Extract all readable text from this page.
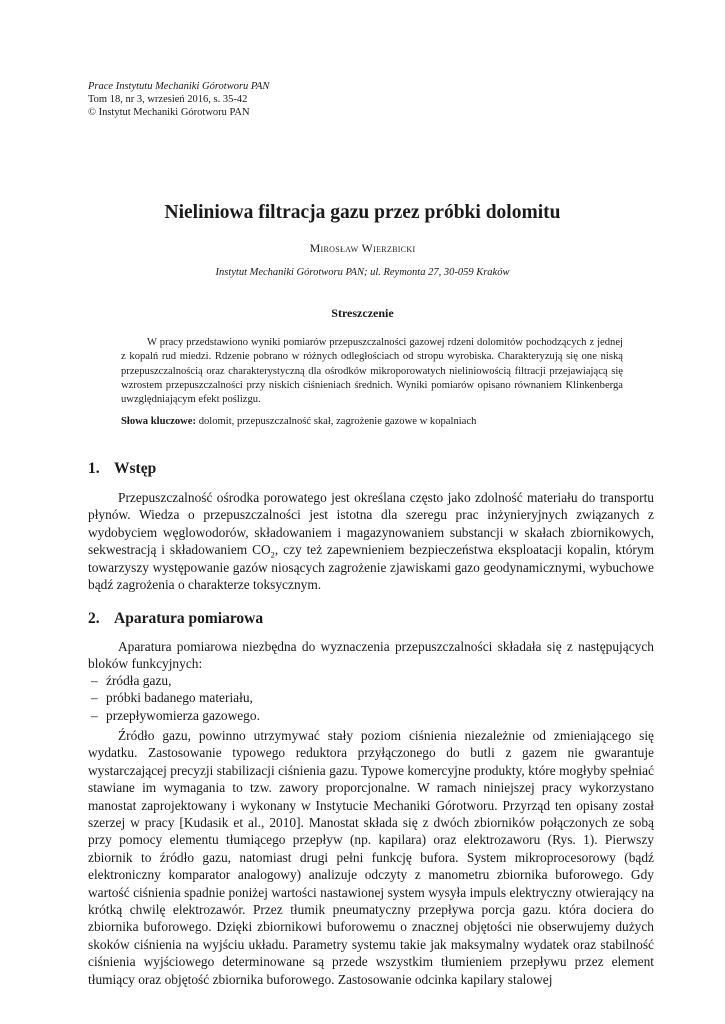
Prace Instytutu Mechaniki Górotworu PAN
Tom 18, nr 3, wrzesień 2016, s. 35-42
© Instytut Mechaniki Górotworu PAN
Nieliniowa filtracja gazu przez próbki dolomitu
Mirosław Wierzbicki
Instytut Mechaniki Górotworu PAN; ul. Reymonta 27, 30-059 Kraków
Streszczenie
W pracy przedstawiono wyniki pomiarów przepuszczalności gazowej rdzeni dolomitów pochodzących z jednej z kopalń rud miedzi. Rdzenie pobrano w różnych odległościach od stropu wyrobiska. Charakteryzują się one niską przepuszczalnością oraz charakterystyczną dla ośrodków mikroporowatych nieliniowością filtracji przejawiającą się wzrostem przepuszczalności przy niskich ciśnieniach średnich. Wyniki pomiarów opisano równaniem Klinkenberga uwzględniającym efekt poślizgu.
Słowa kluczowe: dolomit, przepuszczalność skał, zagrożenie gazowe w kopalniach
1. Wstęp
Przepuszczalność ośrodka porowatego jest określana często jako zdolność materiału do transportu płynów. Wiedza o przepuszczalności jest istotna dla szeregu prac inżynieryjnych związanych z wydobyciem węglowodorów, składowaniem i magazynowaniem substancji w skałach zbiornikowych, sekwestracją i składowaniem $CO_2$, czy też zapewnieniem bezpieczeństwa eksploatacji kopalin, którym towarzyszy występowanie gazów niosących zagrożenie zjawiskami gazo geodynamicznymi, wybuchowe bądź zagrożenia o charakterze toksycznym.
2. Aparatura pomiarowa
Aparatura pomiarowa niezbędna do wyznaczenia przepuszczalności składała się z następujących bloków funkcyjnych:
– źródła gazu,
– próbki badanego materiału,
– przepływomierza gazowego.
Źródło gazu, powinno utrzymywać stały poziom ciśnienia niezależnie od zmieniającego się wydatku. Zastosowanie typowego reduktora przyłączonego do butli z gazem nie gwarantuje wystarczającej precyzji stabilizacji ciśnienia gazu. Typowe komercyjne produkty, które mogłyby spełniać stawiane im wymagania to tzw. zawory proporcjonalne. W ramach niniejszej pracy wykorzystano manostat zaprojektowany i wykonany w Instytucie Mechaniki Górotworu. Przyrząd ten opisany został szerzej w pracy [Kudasik et al., 2010]. Manostat składa się z dwóch zbiorników połączonych ze sobą przy pomocy elementu tłumiącego przepływ (np. kapilara) oraz elektrozaworu (Rys. 1). Pierwszy zbiornik to źródło gazu, natomiast drugi pełni funkcję bufora. System mikroprocesorowy (bądź elektroniczny komparator analogowy) analizuje odczyty z manometru zbiornika buforowego. Gdy wartość ciśnienia spadnie poniżej wartości nastawionej system wysyła impuls elektryczny otwierający na krótką chwilę elektrozawór. Przez tłumik pneumatyczny przepływa porcja gazu. która dociera do zbiornika buforowego. Dzięki zbiornikowi buforowemu o znacznej objętości nie obserwujemy dużych skoków ciśnienia na wyjściu układu. Parametry systemu takie jak maksymalny wydatek oraz stabilność ciśnienia wyjściowego determinowane są przede wszystkim tłumieniem przepływu przez element tłumiący oraz objętość zbiornika buforowego. Zastosowanie odcinka kapilary stalowej
